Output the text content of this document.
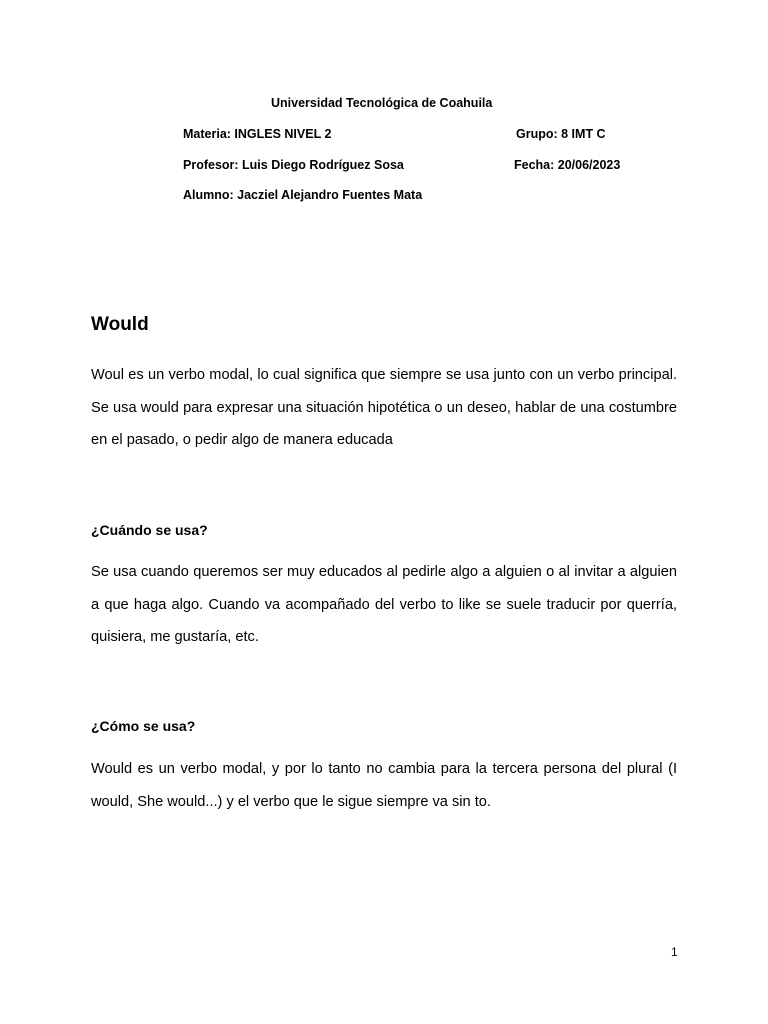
Universidad Tecnológica de Coahuila
Materia: INGLES NIVEL 2	Grupo: 8 IMT C
Profesor: Luis Diego Rodríguez Sosa	Fecha: 20/06/2023
Alumno: Jacziel Alejandro Fuentes Mata
Would
Woul es un verbo modal, lo cual significa que siempre se usa junto con un verbo principal. Se usa would para expresar una situación hipotética o un deseo, hablar de una costumbre en el pasado, o pedir algo de manera educada
¿Cuándo se usa?
Se usa cuando queremos ser muy educados al pedirle algo a alguien o al invitar a alguien a que haga algo. Cuando va acompañado del verbo to like se suele traducir por querría, quisiera, me gustaría, etc.
¿Cómo se usa?
Would es un verbo modal, y por lo tanto no cambia para la tercera persona del plural (I would, She would...) y el verbo que le sigue siempre va sin to.
1
